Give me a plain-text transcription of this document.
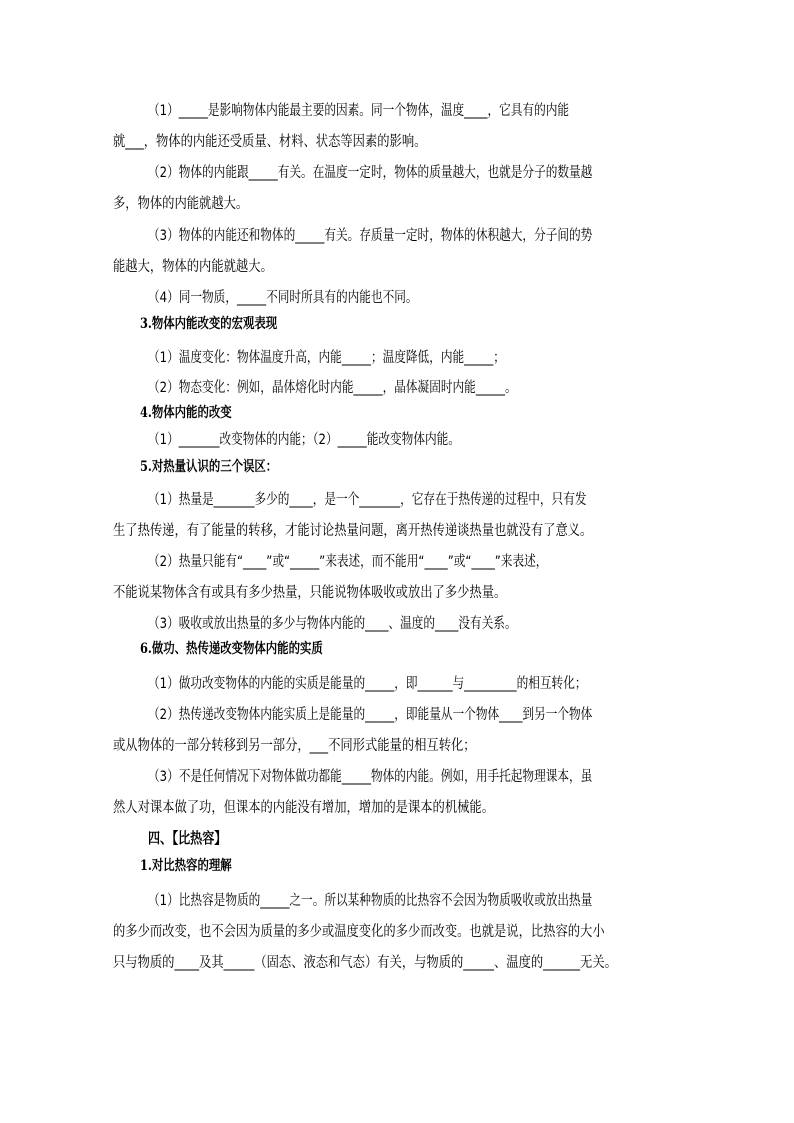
（1）_____是影响物体内能最主要的因素。同一个物体，温度____，它具有的内能
就___，物体的内能还受质量、材料、状态等因素的影响。
（2）物体的内能跟_____有关。在温度一定时，物体的质量越大，也就是分子的数量越
多，物体的内能就越大。
（3）物体的内能还和物体的_____有关。存质量一定时，物体的休积越大，分子间的势
能越大，物体的内能就越大。
（4）同一物质，_____不同时所具有的内能也不同。
3.物体内能改变的宏观表现
（1）温度变化：物体温度升高，内能_____；温度降低，内能_____；
（2）物态变化：例如，晶体熔化时内能_____，晶体凝固时内能_____。
4.物体内能的改变
（1）_______改变物体的内能；（2）_____能改变物体内能。
5.对热量认识的三个误区：
（1）热量是_______多少的____，是一个_______，它存在于热传递的过程中，只有发
生了热传递，有了能量的转移，才能讨论热量问题，离开热传递谈热量也就没有了意义。
（2）热量只能有“____”或“_____”来表述，而不能用“____”或“____”来表述，
不能说某物体含有或具有多少热量，只能说物体吸收或放出了多少热量。
（3）吸收或放出热量的多少与物体内能的____、温度的____没有关系。
6.做功、热传递改变物体内能的实质
（1）做功改变物体的内能的实质是能量的_____，即______与_________的相互转化；
（2）热传递改变物体内能实质上是能量的_____，即能量从一个物体____到另一个物体
或从物体的一部分转移到另一部分，___不同形式能量的相互转化；
（3）不是任何情况下对物体做功都能_____物体的内能。例如，用手托起物理课本，虽
然人对课本做了功，但课本的内能没有增加，增加的是课本的机械能。
四、【比热容】
1.对比热容的理解
（1）比热容是物质的_____之一。所以某种物质的比热容不会因为物质吸收或放出热量
的多少而改变，也不会因为质量的多少或温度变化的多少而改变。也就是说，比热容的大小
只与物质的____及其_____（固态、液态和气态）有关，与物质的_____、温度的______无关。
